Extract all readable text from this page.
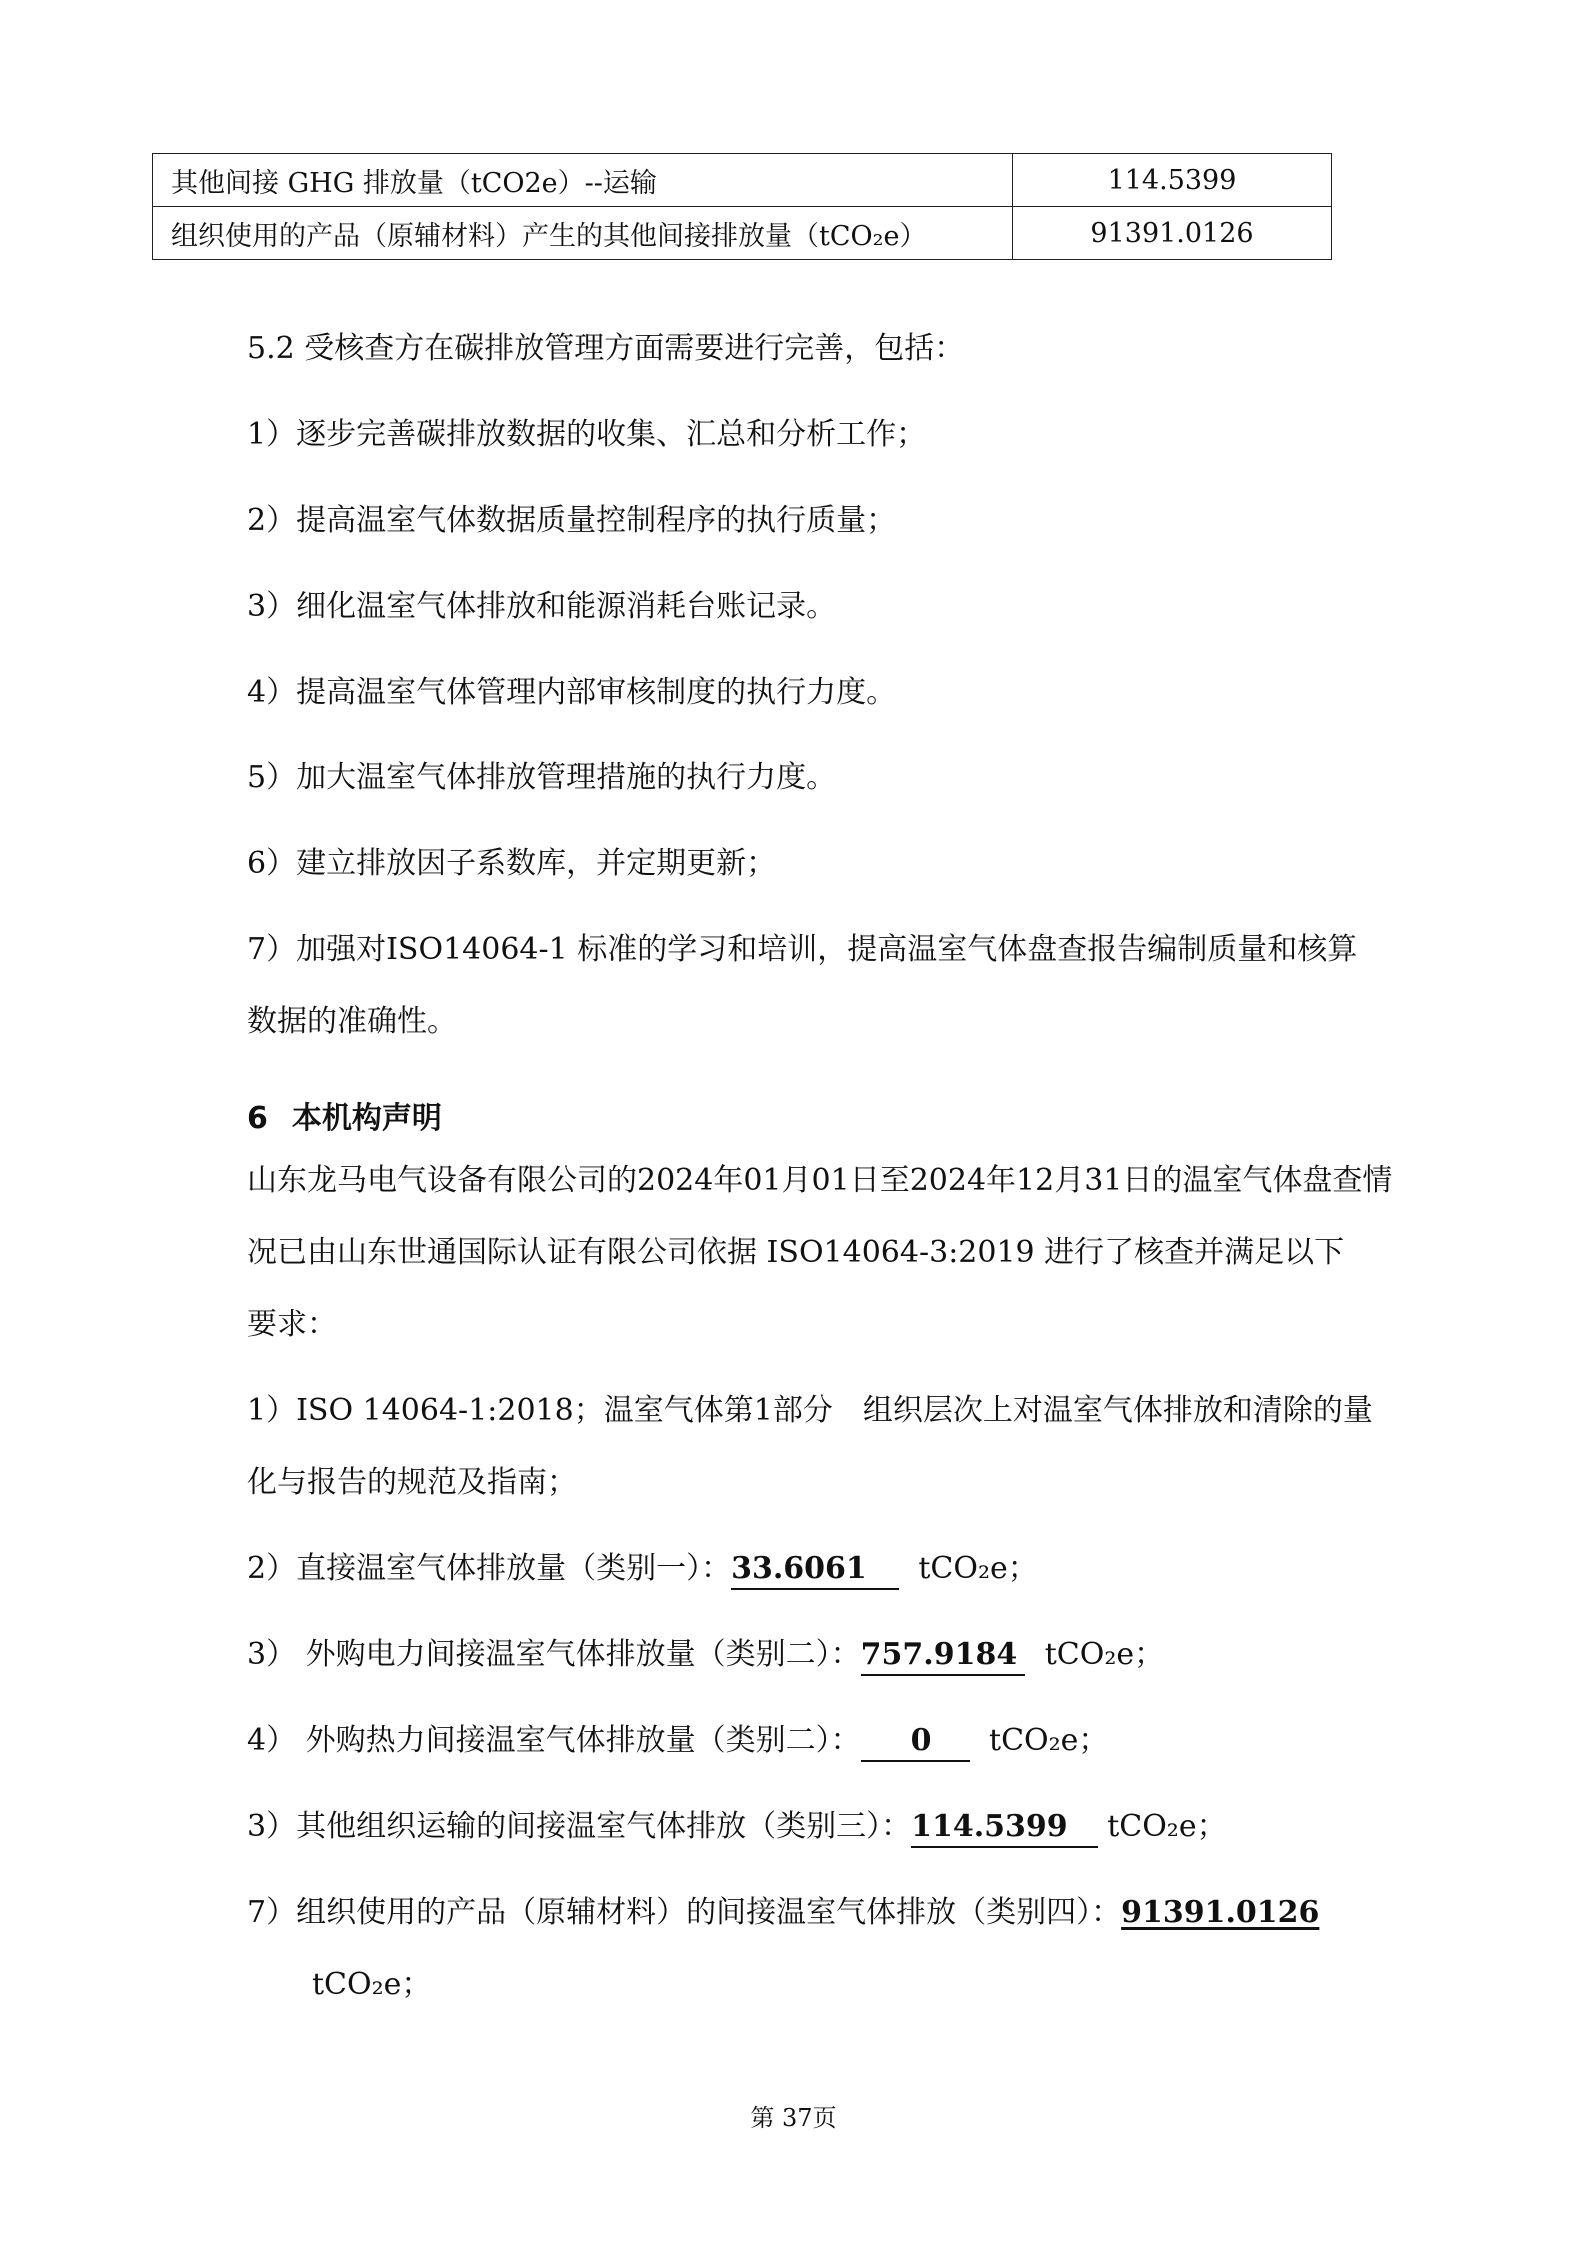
其他间接 GHG 排放量（tCO2e）--运输	114.5399
组织使用的产品（原辅材料）产生的其他间接排放量（tCO₂e）	91391.0126
5.2 受核查方在碳排放管理方面需要进行完善，包括：
1）逐步完善碳排放数据的收集、汇总和分析工作；
2）提高温室气体数据质量控制程序的执行质量；
3）细化温室气体排放和能源消耗台账记录。
4）提高温室气体管理内部审核制度的执行力度。
5）加大温室气体排放管理措施的执行力度。
6）建立排放因子系数库，并定期更新；
7）加强对ISO14064-1 标准的学习和培训，提高温室气体盘查报告编制质量和核算
数据的准确性。
6 本机构声明
山东龙马电气设备有限公司的2024年01月01日至2024年12月31日的温室气体盘查情
况已由山东世通国际认证有限公司依据 ISO14064-3:2019 进行了核查并满足以下
要求：
1）ISO 14064-1:2018；温室气体第1部分　组织层次上对温室气体排放和清除的量
化与报告的规范及指南；
2）直接温室气体排放量（类别一）：33.6061 tCO₂e；
3） 外购电力间接温室气体排放量（类别二）：757.9184 tCO₂e；
4） 外购热力间接温室气体排放量（类别二）： 0 tCO₂e；
3）其他组织运输的间接温室气体排放（类别三）：114.5399 tCO₂e；
7）组织使用的产品（原辅材料）的间接温室气体排放（类别四）：91391.0126
tCO₂e；
第 37页
